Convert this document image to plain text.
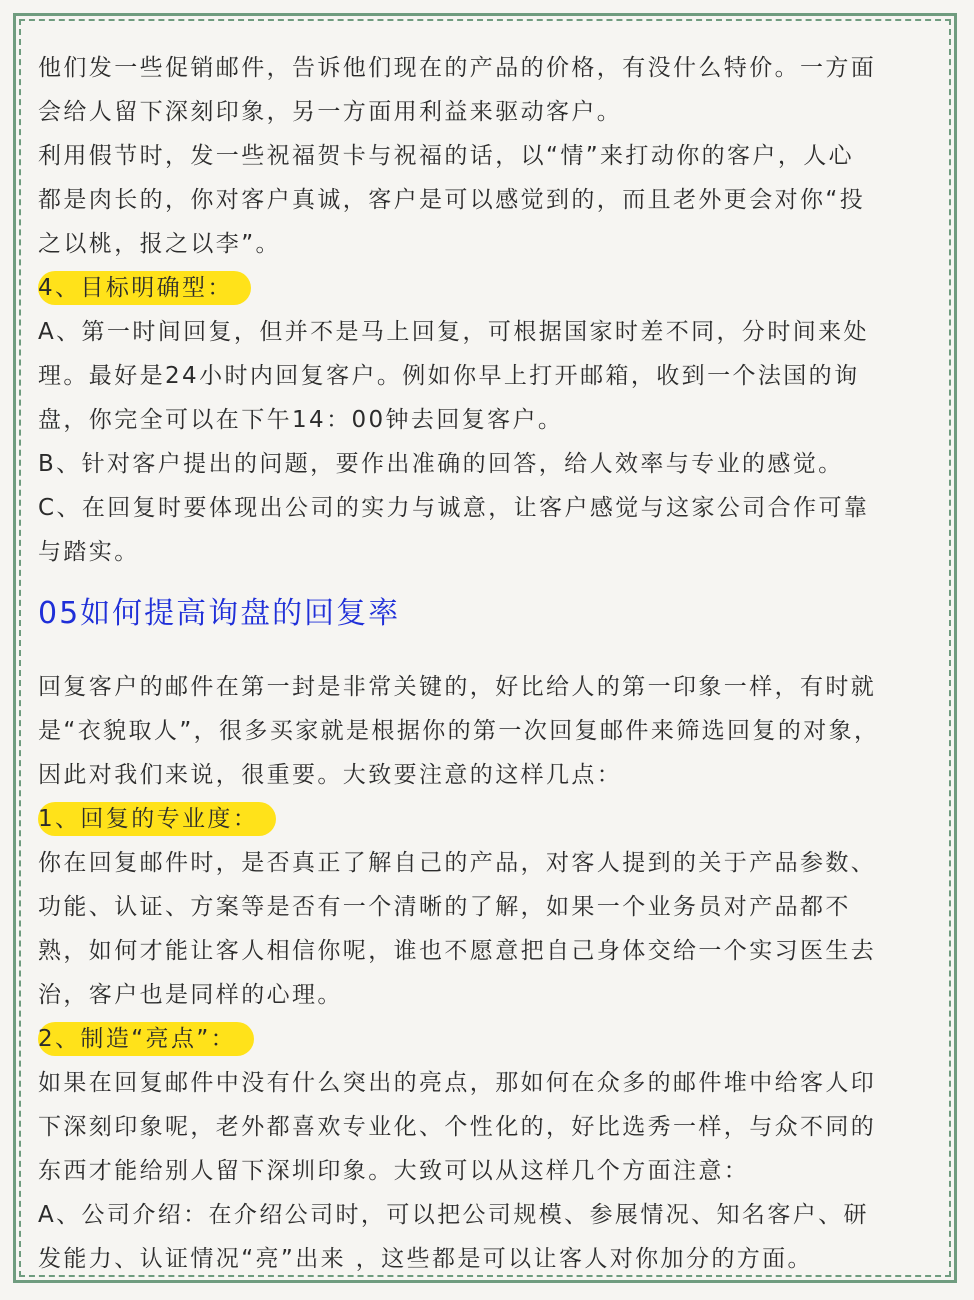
他们发一些促销邮件，告诉他们现在的产品的价格，有没什么特价。一方面
会给人留下深刻印象，另一方面用利益来驱动客户。
利用假节时，发一些祝福贺卡与祝福的话，以“情”来打动你的客户，人心
都是肉长的，你对客户真诚，客户是可以感觉到的，而且老外更会对你“投
之以桃，报之以李”。
4、目标明确型：
A、第一时间回复，但并不是马上回复，可根据国家时差不同，分时间来处
理。最好是24小时内回复客户。例如你早上打开邮箱，收到一个法国的询
盘，你完全可以在下午14：00钟去回复客户。
B、针对客户提出的问题，要作出准确的回答，给人效率与专业的感觉。
C、在回复时要体现出公司的实力与诚意，让客户感觉与这家公司合作可靠
与踏实。
05如何提高询盘的回复率
回复客户的邮件在第一封是非常关键的，好比给人的第一印象一样，有时就
是“衣貌取人”，很多买家就是根据你的第一次回复邮件来筛选回复的对象，
因此对我们来说，很重要。大致要注意的这样几点：
1、回复的专业度：
你在回复邮件时，是否真正了解自己的产品，对客人提到的关于产品参数、
功能、认证、方案等是否有一个清晰的了解，如果一个业务员对产品都不
熟，如何才能让客人相信你呢，谁也不愿意把自己身体交给一个实习医生去
治，客户也是同样的心理。
2、制造“亮点”：
如果在回复邮件中没有什么突出的亮点，那如何在众多的邮件堆中给客人印
下深刻印象呢，老外都喜欢专业化、个性化的，好比选秀一样，与众不同的
东西才能给别人留下深圳印象。大致可以从这样几个方面注意：
A、公司介绍：在介绍公司时，可以把公司规模、参展情况、知名客户、研
发能力、认证情况“亮”出来 ，这些都是可以让客人对你加分的方面。
